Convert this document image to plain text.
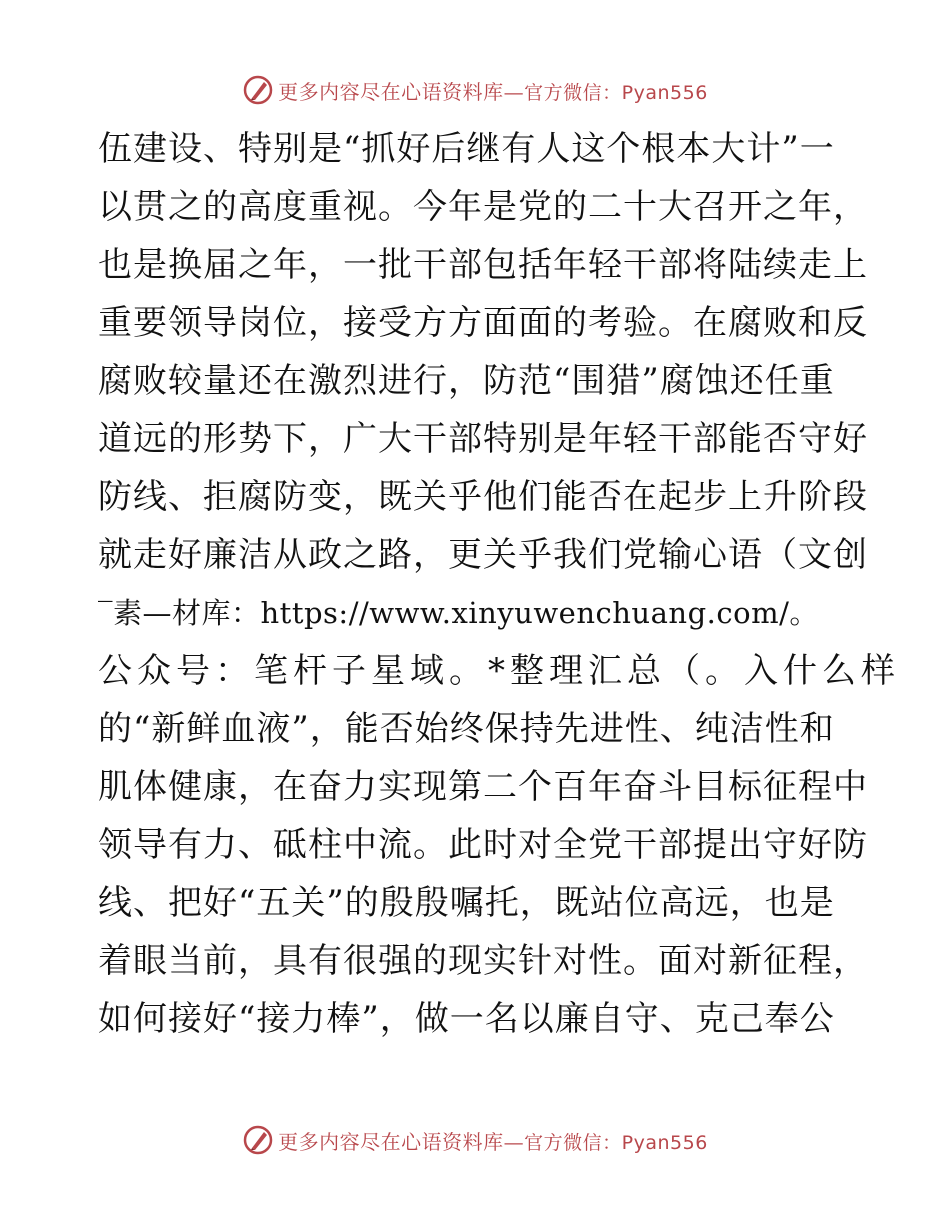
更多内容尽在心语资料库—官方微信：Pyan556
伍建设、特别是“抓好后继有人这个根本大计”一
以贯之的高度重视。今年是党的二十大召开之年，
也是换届之年，一批干部包括年轻干部将陆续走上
重要领导岗位，接受方方面面的考验。在腐败和反
腐败较量还在激烈进行，防范“围猎”腐蚀还任重
道远的形势下，广大干部特别是年轻干部能否守好
防线、拒腐防变，既关乎他们能否在起步上升阶段
就走好廉洁从政之路，更关乎我们党输心语（文创
‾素—材库：https://www.xinyuwenchuang.com/。
公众号：笔杆子星域。*整理汇总（。入什么样
的“新鲜血液”，能否始终保持先进性、纯洁性和
肌体健康，在奋力实现第二个百年奋斗目标征程中
领导有力、砥柱中流。此时对全党干部提出守好防
线、把好“五关”的殷殷嘱托，既站位高远，也是
着眼当前，具有很强的现实针对性。面对新征程，
如何接好“接力棒”，做一名以廉自守、克己奉公
更多内容尽在心语资料库—官方微信：Pyan556
